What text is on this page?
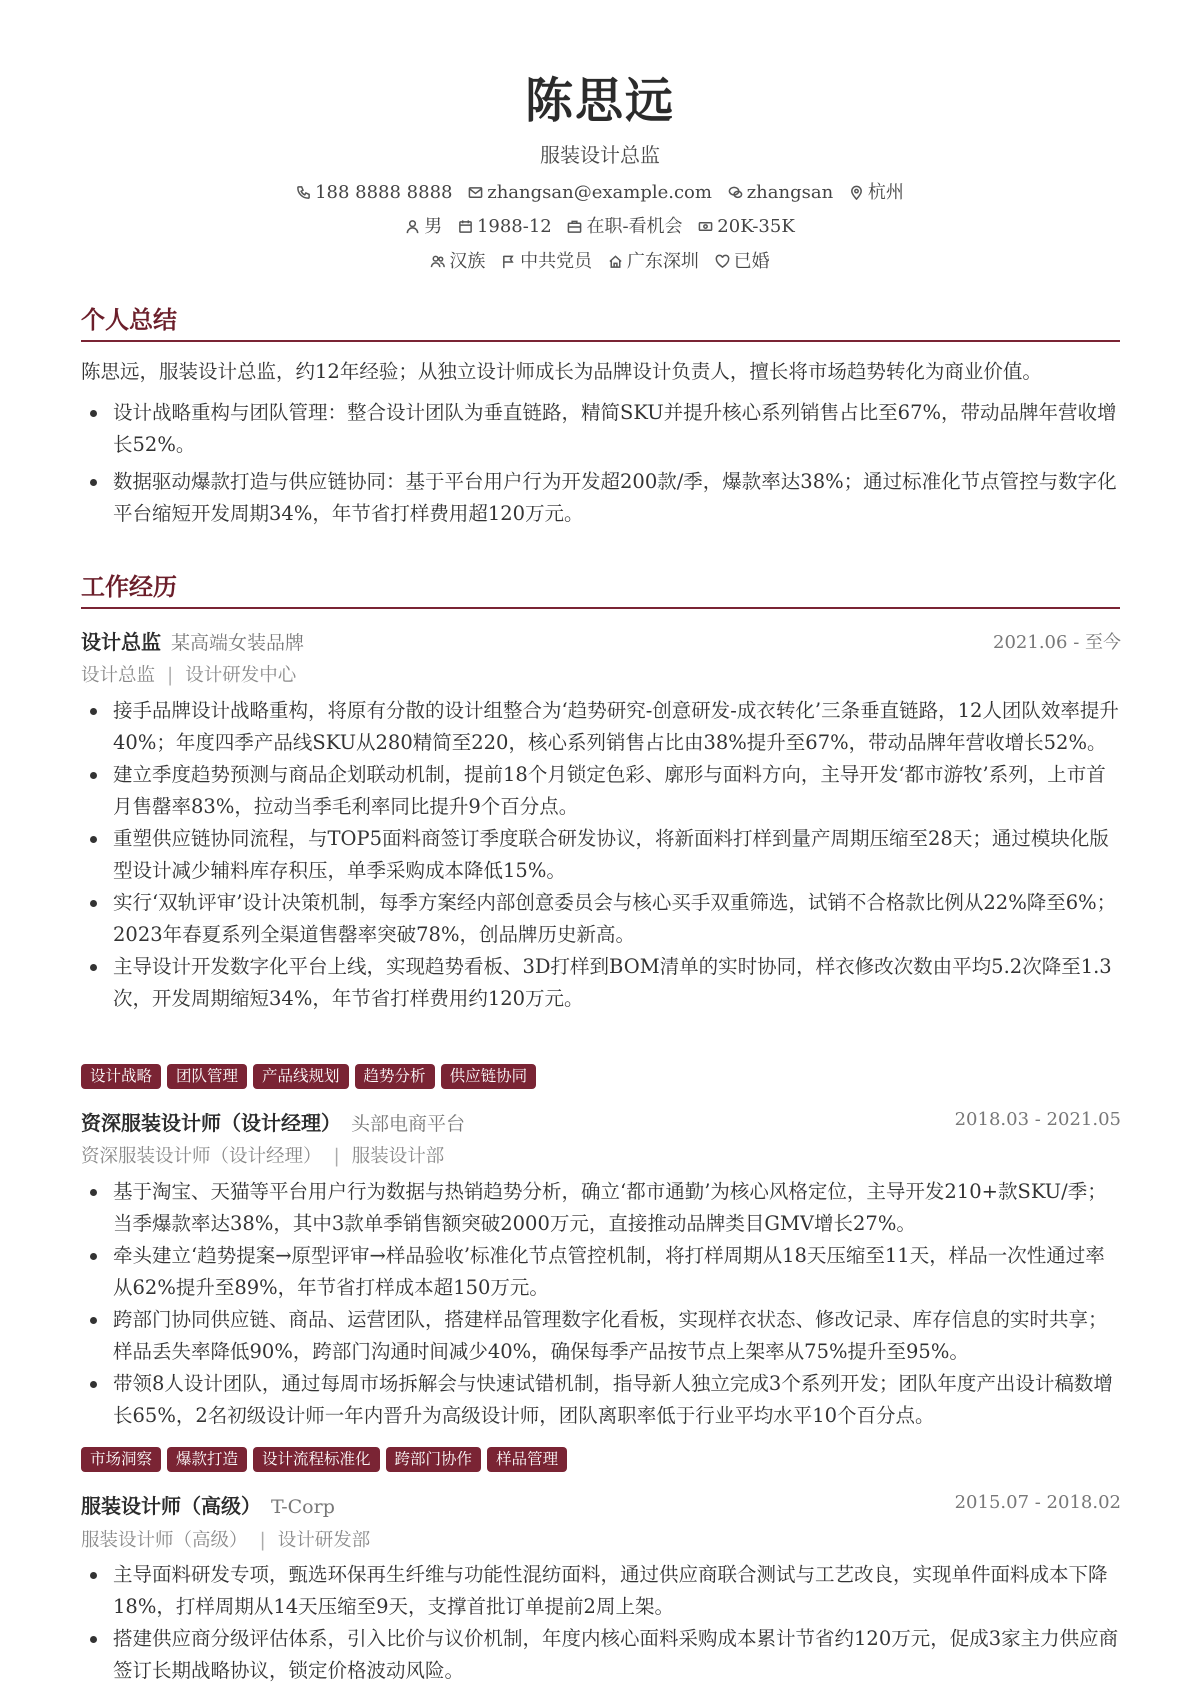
陈思远
服装设计总监
188 8888 8888 zhangsan@example.com zhangsan 杭州
男 1988-12 在职-看机会 20K-35K
汉族 中共党员 广东深圳 已婚
个人总结
陈思远，服装设计总监，约12年经验；从独立设计师成长为品牌设计负责人，擅长将市场趋势转化为商业价值。
设计战略重构与团队管理：整合设计团队为垂直链路，精简SKU并提升核心系列销售占比至67%，带动品牌年营收增长52%。
数据驱动爆款打造与供应链协同：基于平台用户行为开发超200款/季，爆款率达38%；通过标准化节点管控与数字化平台缩短开发周期34%，年节省打样费用超120万元。
工作经历
设计总监 某高端女装品牌	2021.06 - 至今
设计总监 | 设计研发中心
接手品牌设计战略重构，将原有分散的设计组整合为‘趋势研究-创意研发-成衣转化’三条垂直链路，12人团队效率提升40%；年度四季产品线SKU从280精简至220，核心系列销售占比由38%提升至67%，带动品牌年营收增长52%。
建立季度趋势预测与商品企划联动机制，提前18个月锁定色彩、廓形与面料方向，主导开发‘都市游牧’系列，上市首月售罄率83%，拉动当季毛利率同比提升9个百分点。
重塑供应链协同流程，与TOP5面料商签订季度联合研发协议，将新面料打样到量产周期压缩至28天；通过模块化版型设计减少辅料库存积压，单季采购成本降低15%。
实行‘双轨评审’设计决策机制，每季方案经内部创意委员会与核心买手双重筛选，试销不合格款比例从22%降至6%；2023年春夏系列全渠道售罄率突破78%，创品牌历史新高。
主导设计开发数字化平台上线，实现趋势看板、3D打样到BOM清单的实时协同，样衣修改次数由平均5.2次降至1.3次，开发周期缩短34%，年节省打样费用约120万元。
设计战略 团队管理 产品线规划 趋势分析 供应链协同
资深服装设计师（设计经理） 头部电商平台	2018.03 - 2021.05
资深服装设计师（设计经理） | 服装设计部
基于淘宝、天猫等平台用户行为数据与热销趋势分析，确立‘都市通勤’为核心风格定位，主导开发210+款SKU/季；当季爆款率达38%，其中3款单季销售额突破2000万元，直接推动品牌类目GMV增长27%。
牵头建立‘趋势提案→原型评审→样品验收’标准化节点管控机制，将打样周期从18天压缩至11天，样品一次性通过率从62%提升至89%，年节省打样成本超150万元。
跨部门协同供应链、商品、运营团队，搭建样品管理数字化看板，实现样衣状态、修改记录、库存信息的实时共享；样品丢失率降低90%，跨部门沟通时间减少40%，确保每季产品按节点上架率从75%提升至95%。
带领8人设计团队，通过每周市场拆解会与快速试错机制，指导新人独立完成3个系列开发；团队年度产出设计稿数增长65%，2名初级设计师一年内晋升为高级设计师，团队离职率低于行业平均水平10个百分点。
市场洞察 爆款打造 设计流程标准化 跨部门协作 样品管理
服装设计师（高级） T-Corp	2015.07 - 2018.02
服装设计师（高级） | 设计研发部
主导面料研发专项，甄选环保再生纤维与功能性混纺面料，通过供应商联合测试与工艺改良，实现单件面料成本下降18%，打样周期从14天压缩至9天，支撑首批订单提前2周上架。
搭建供应商分级评估体系，引入比价与议价机制，年度内核心面料采购成本累计节省约120万元，促成3家主力供应商签订长期战略协议，锁定价格波动风险。
